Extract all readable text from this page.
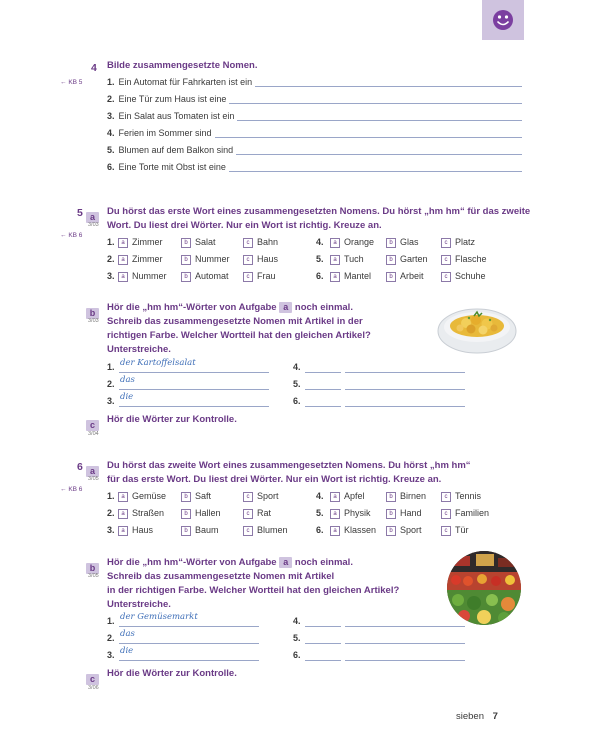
4 Bilde zusammengesetzte Nomen.
← KB 5	1. Ein Automat für Fahrkarten ist ein
2. Eine Tür zum Haus ist eine
3. Ein Salat aus Tomaten ist ein
4. Ferien im Sommer sind
5. Blumen auf dem Balkon sind
6. Eine Torte mit Obst ist eine
5 a
3/03
← KB 6
Du hörst das erste Wort eines zusammengesetzten Nomens. Du hörst „hm hm“ für das zweite
Wort. Du liest drei Wörter. Nur ein Wort ist richtig. Kreuze an.
1.	a Zimmer	b Salat	c Bahn
2.	a Zimmer	b Nummer	c Haus
3.	a Nummer	b Automat	c Frau
4.	a Orange	b Glas	c Platz
5.	a Tuch	b Garten	c Flasche
6.	a Mantel	b Arbeit	c Schuhe
b
3/03
Hör die „hm hm“-Wörter von Aufgabe a noch einmal.
Schreib das zusammengesetzte Nomen mit Artikel in der
richtigen Farbe. Welcher Wortteil hat den gleichen Artikel?
Unterstreiche.
1. der Kartoffelsalat
2. das
3. die
4.
5.
6.
c
3/04
Hör die Wörter zur Kontrolle.
6 a
3/05
← KB 6
Du hörst das zweite Wort eines zusammengesetzten Nomens. Du hörst „hm hm“
für das erste Wort. Du liest drei Wörter. Nur ein Wort ist richtig. Kreuze an.
1.	a Gemüse	b Saft	c Sport
2.	a Straßen	b Hallen	c Rat
3.	a Haus	b Baum	c Blumen
4.	a Apfel	b Birnen	c Tennis
5.	a Physik	b Hand	c Familien
6.	a Klassen	b Sport	c Tür
b
3/05
Hör die „hm hm“-Wörter von Aufgabe a noch einmal.
Schreib das zusammengesetzte Nomen mit Artikel
in der richtigen Farbe. Welcher Wortteil hat den gleichen Artikel?
Unterstreiche.
1. der Gemüsemarkt
2. das
3. die
4.
5.
6.
c
3/06
Hör die Wörter zur Kontrolle.
sieben 7
